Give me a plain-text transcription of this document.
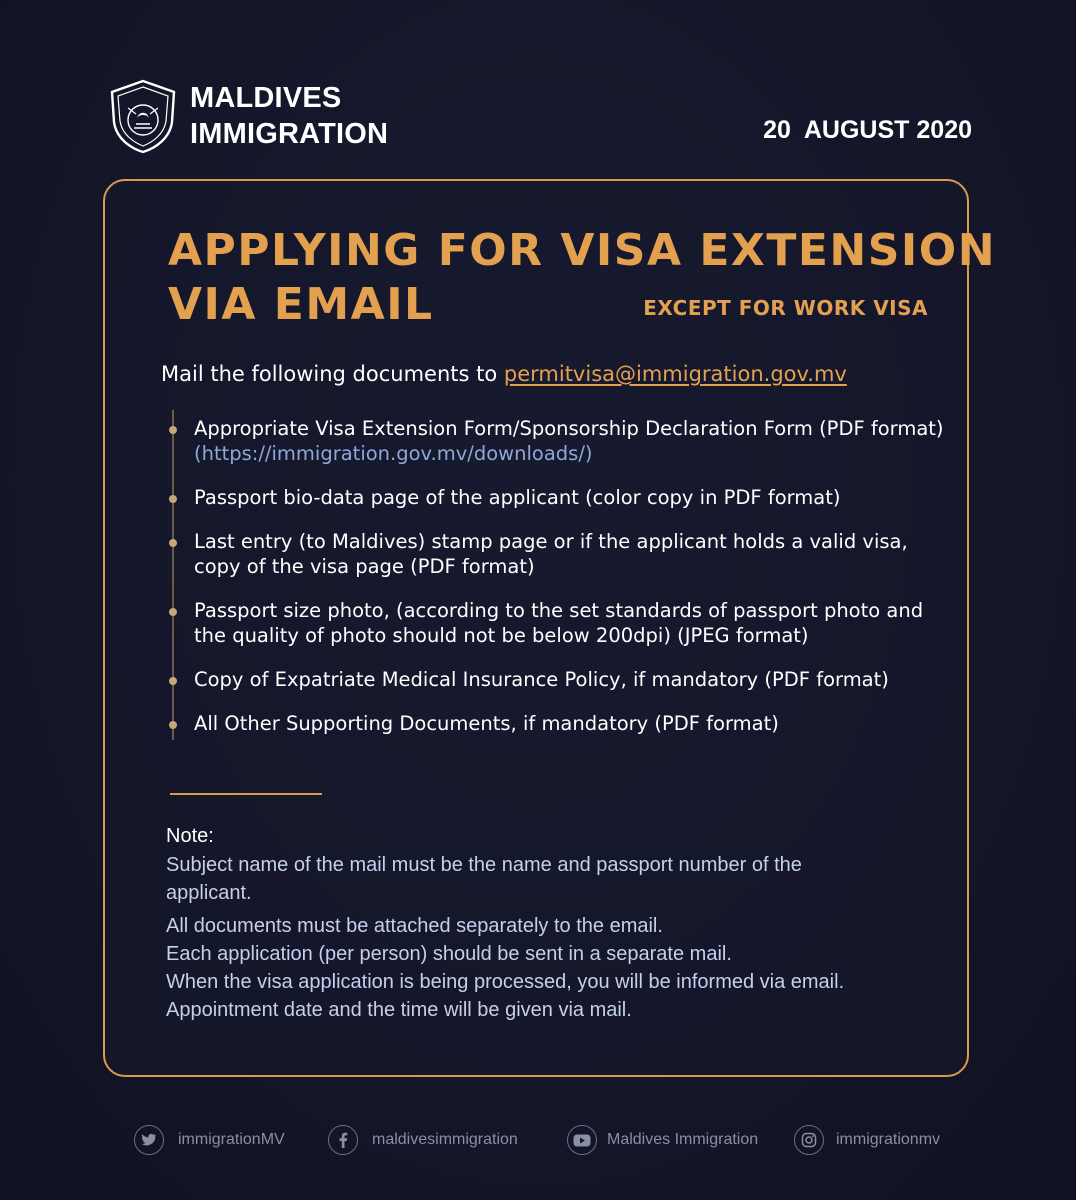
MALDIVES
IMMIGRATION	20  AUGUST 2020
APPLYING FOR VISA EXTENSION
VIA EMAIL	EXCEPT FOR WORK VISA
Mail the following documents to permitvisa@immigration.gov.mv
Appropriate Visa Extension Form/Sponsorship Declaration Form (PDF format) (https://immigration.gov.mv/downloads/)
Passport bio-data page of the applicant (color copy in PDF format)
Last entry (to Maldives) stamp page or if the applicant holds a valid visa, copy of the visa page (PDF format)
Passport size photo, (according to the set standards of passport photo and the quality of photo should not be below 200dpi) (JPEG format)
Copy of Expatriate Medical Insurance Policy, if mandatory (PDF format)
All Other Supporting Documents, if mandatory (PDF format)
Note:
Subject name of the mail must be the name and passport number of the applicant.
All documents must be attached separately to the email.
Each application (per person) should be sent in a separate mail.
When the visa application is being processed, you will be informed via email.
Appointment date and the time will be given via mail.
immigrationMV	maldivesimmigration	Maldives Immigration	immigrationmv
